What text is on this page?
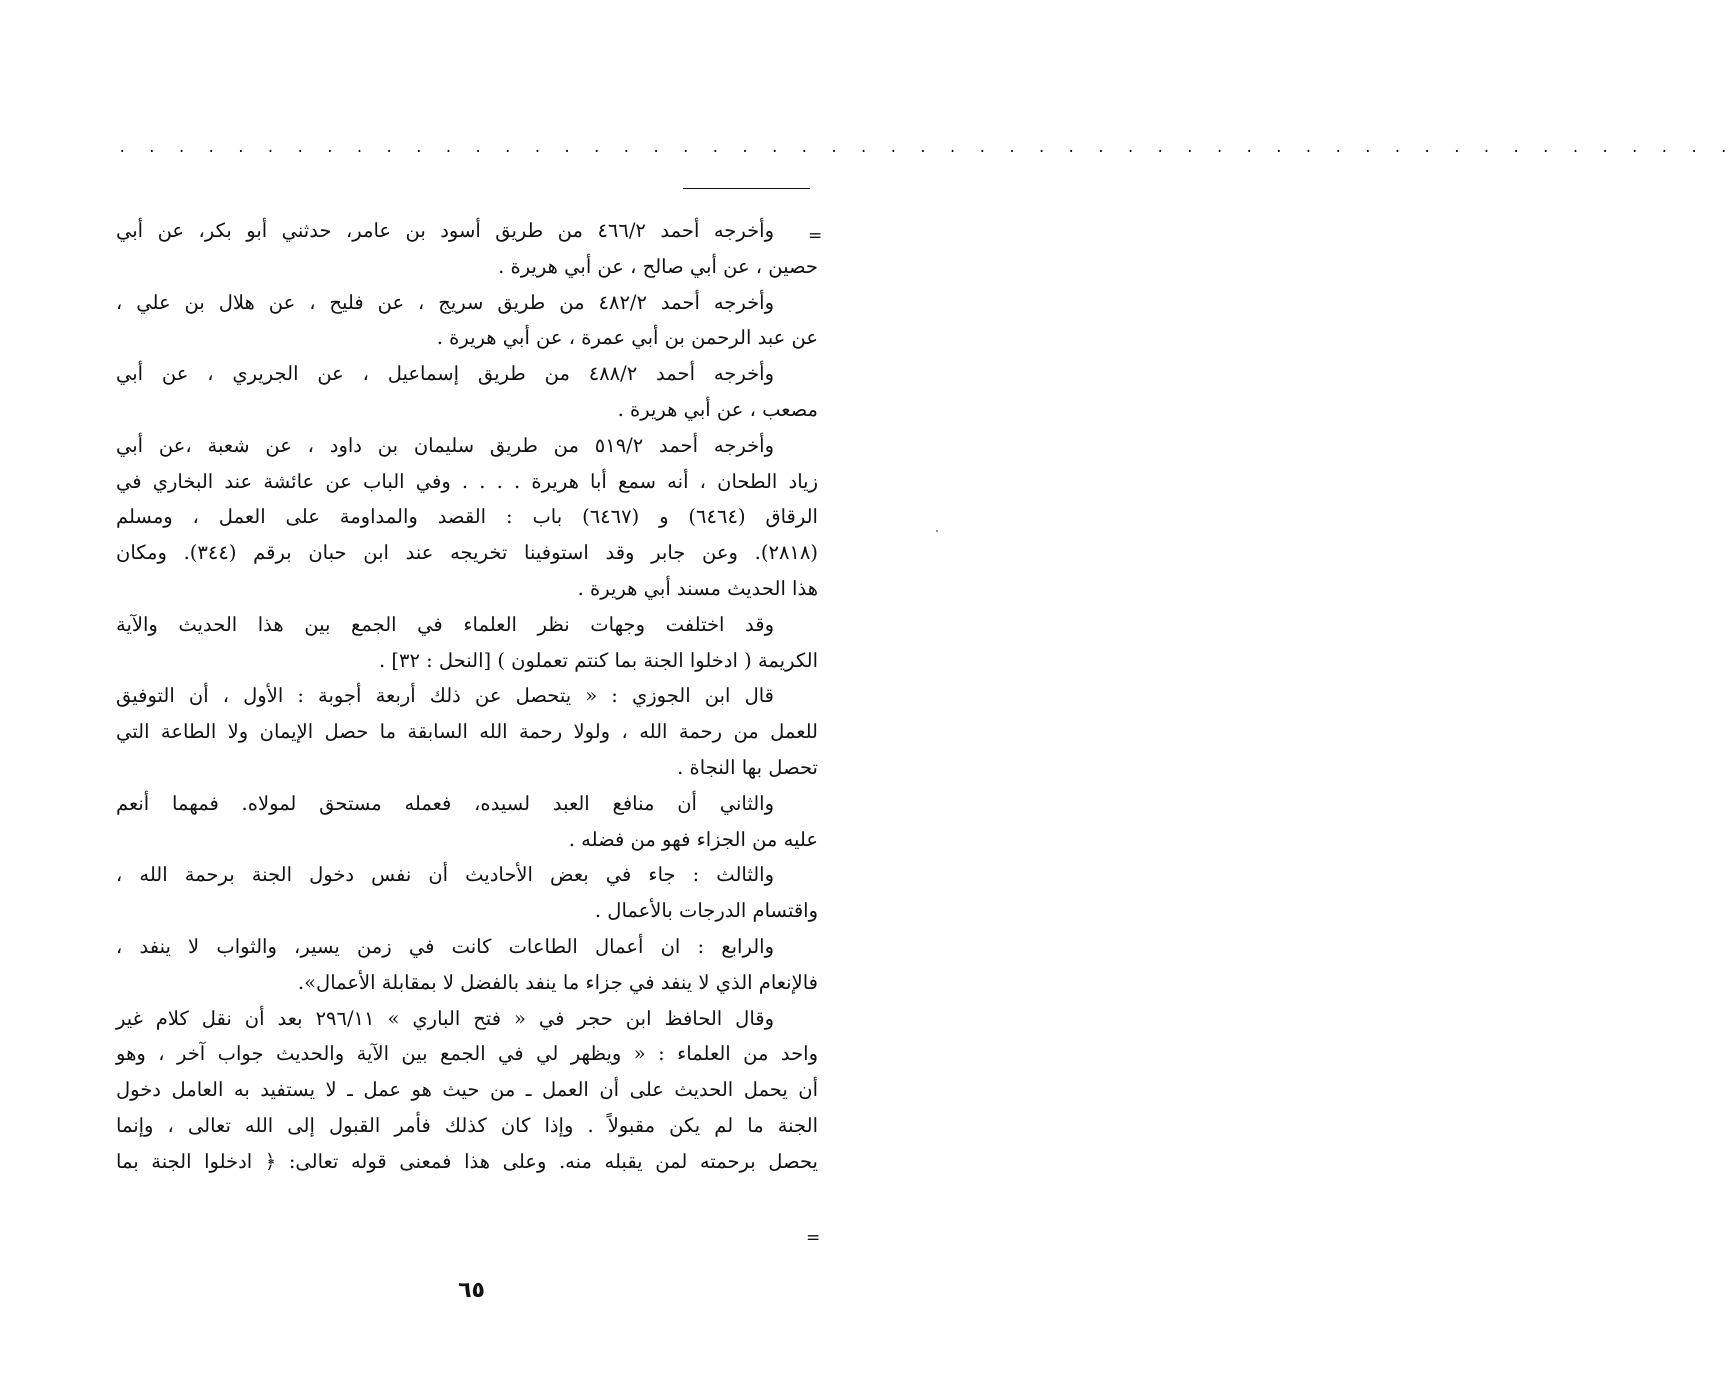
. . . . . . . . . . . . . . . . . . . . . . . . . . . . . . . . . . . . . . . . . . . . . . . . . . . . . . .
=
وأخرجه أحمد ٤٦٦/٢ من طريق أسود بن عامر، حدثني أبو بكر، عن أبي
حصين ، عن أبي صالح ، عن أبي هريرة .
وأخرجه أحمد ٤٨٢/٢ من طريق سريج ، عن فليح ، عن هلال بن علي ،
عن عبد الرحمن بن أبي عمرة ، عن أبي هريرة .
وأخرجه أحمد ٤٨٨/٢ من طريق إسماعيل ، عن الجريري ، عن أبي
مصعب ، عن أبي هريرة .
وأخرجه أحمد ٥١٩/٢ من طريق سليمان بن داود ، عن شعبة ،عن أبي
زياد الطحان ، أنه سمع أبا هريرة . . . . وفي الباب عن عائشة عند البخاري في
الرقاق (٦٤٦٤) و (٦٤٦٧) باب : القصد والمداومة على العمل ، ومسلم
(٢٨١٨). وعن جابر وقد استوفينا تخريجه عند ابن حبان برقم (٣٤٤). ومكان
هذا الحديث مسند أبي هريرة .
وقد اختلفت وجهات نظر العلماء في الجمع بين هذا الحديث والآية
الكريمة ( ادخلوا الجنة بما كنتم تعملون ) [النحل : ٣٢] .
قال ابن الجوزي : « يتحصل عن ذلك أربعة أجوبة : الأول ، أن التوفيق
للعمل من رحمة الله ، ولولا رحمة الله السابقة ما حصل الإيمان ولا الطاعة التي
تحصل بها النجاة .
والثاني أن منافع العبد لسيده، فعمله مستحق لمولاه. فمهما أنعم
عليه من الجزاء فهو من فضله .
والثالث : جاء في بعض الأحاديث أن نفس دخول الجنة برحمة الله ،
واقتسام الدرجات بالأعمال .
والرابع : ان أعمال الطاعات كانت في زمن يسير، والثواب لا ينفد ،
فالإنعام الذي لا ينفد في جزاء ما ينفد بالفضل لا بمقابلة الأعمال».
وقال الحافظ ابن حجر في « فتح الباري » ٢٩٦/١١ بعد أن نقل كلام غير
واحد من العلماء : « ويظهر لي في الجمع بين الآية والحديث جواب آخر ، وهو
أن يحمل الحديث على أن العمل ـ من حيث هو عمل ـ لا يستفيد به العامل دخول
الجنة ما لم يكن مقبولاً . وإذا كان كذلك فأمر القبول إلى الله تعالى ، وإنما
يحصل برحمته لمن يقبله منه. وعلى هذا فمعنى قوله تعالى: ﴿ ادخلوا الجنة بما
=
٦٥
